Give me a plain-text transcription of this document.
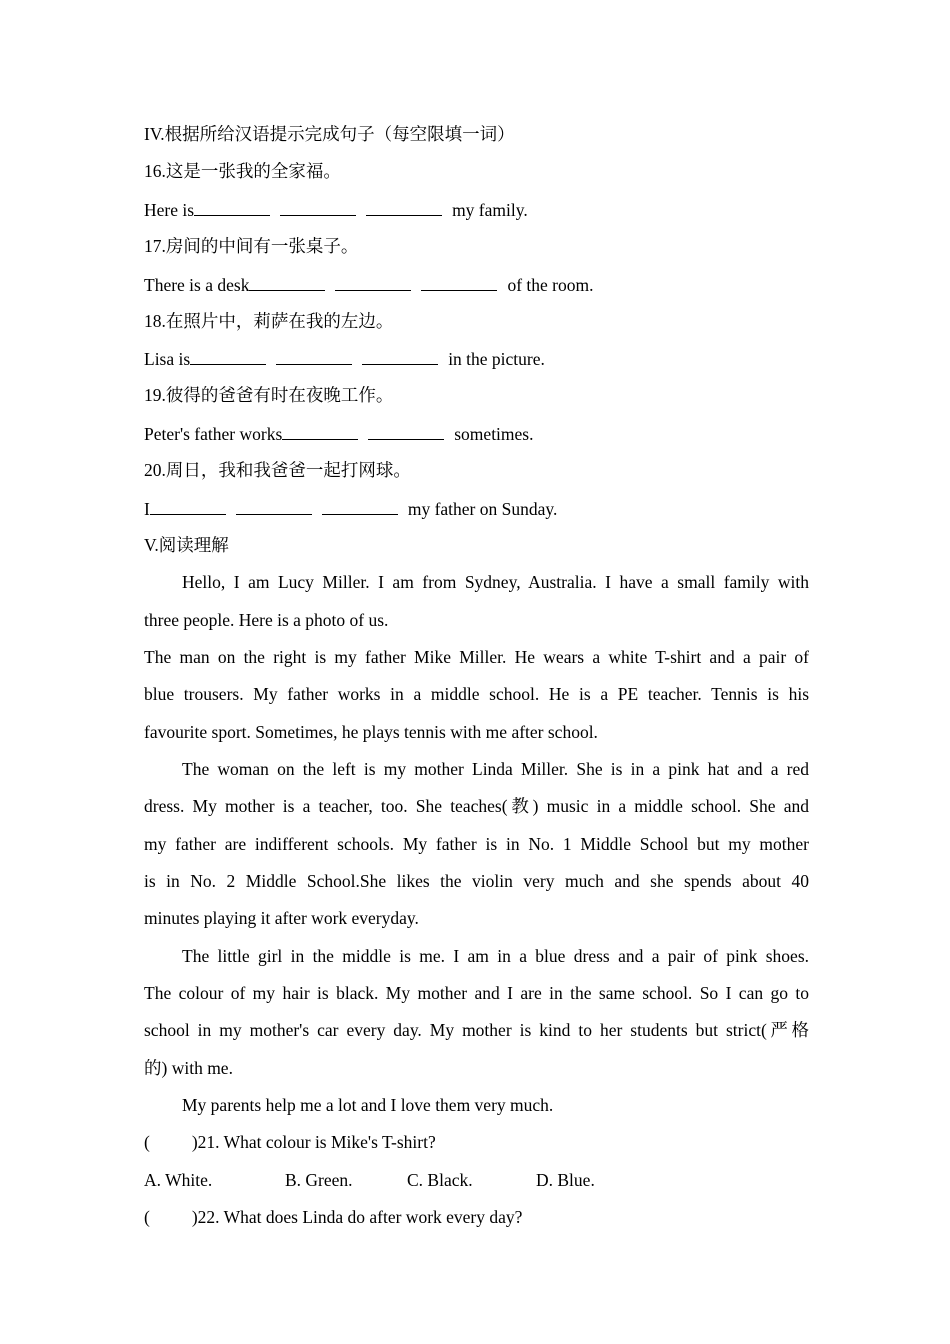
IV.根据所给汉语提示完成句子（每空限填一词）
16.这是一张我的全家福。
Here is	my family.
17.房间的中间有一张桌子。
There is a desk	of the room.
18.在照片中，莉萨在我的左边。
Lisa is	in the picture.
19.彼得的爸爸有时在夜晚工作。
Peter's father works	sometimes.
20.周日，我和我爸爸一起打网球。
I	my father on Sunday.
V.阅读理解
Hello, I am Lucy Miller. I am from Sydney, Australia. I have a small family with
three people. Here is a photo of us.
The man on the right is my father Mike Miller. He wears a white T-shirt and a pair of
blue trousers. My father works in a middle school. He is a PE teacher. Tennis is his
favourite sport. Sometimes, he plays tennis with me after school.
The woman on the left is my mother Linda Miller. She is in a pink hat and a red
dress. My mother is a teacher, too. She teaches(教) music in a middle school. She and
my father are indifferent schools. My father is in No. 1 Middle School but my mother
is in No. 2 Middle School.She likes the violin very much and she spends about 40
minutes playing it after work everyday.
The little girl in the middle is me. I am in a blue dress and a pair of pink shoes.
The colour of my hair is black. My mother and I are in the same school. So I can go to
school in my mother's car every day. My mother is kind to her students but strict(严格
的) with me.
My parents help me a lot and I love them very much.
( )21. What colour is Mike's T-shirt?
A. White.	B. Green.	C. Black.	D. Blue.
( )22. What does Linda do after work every day?
